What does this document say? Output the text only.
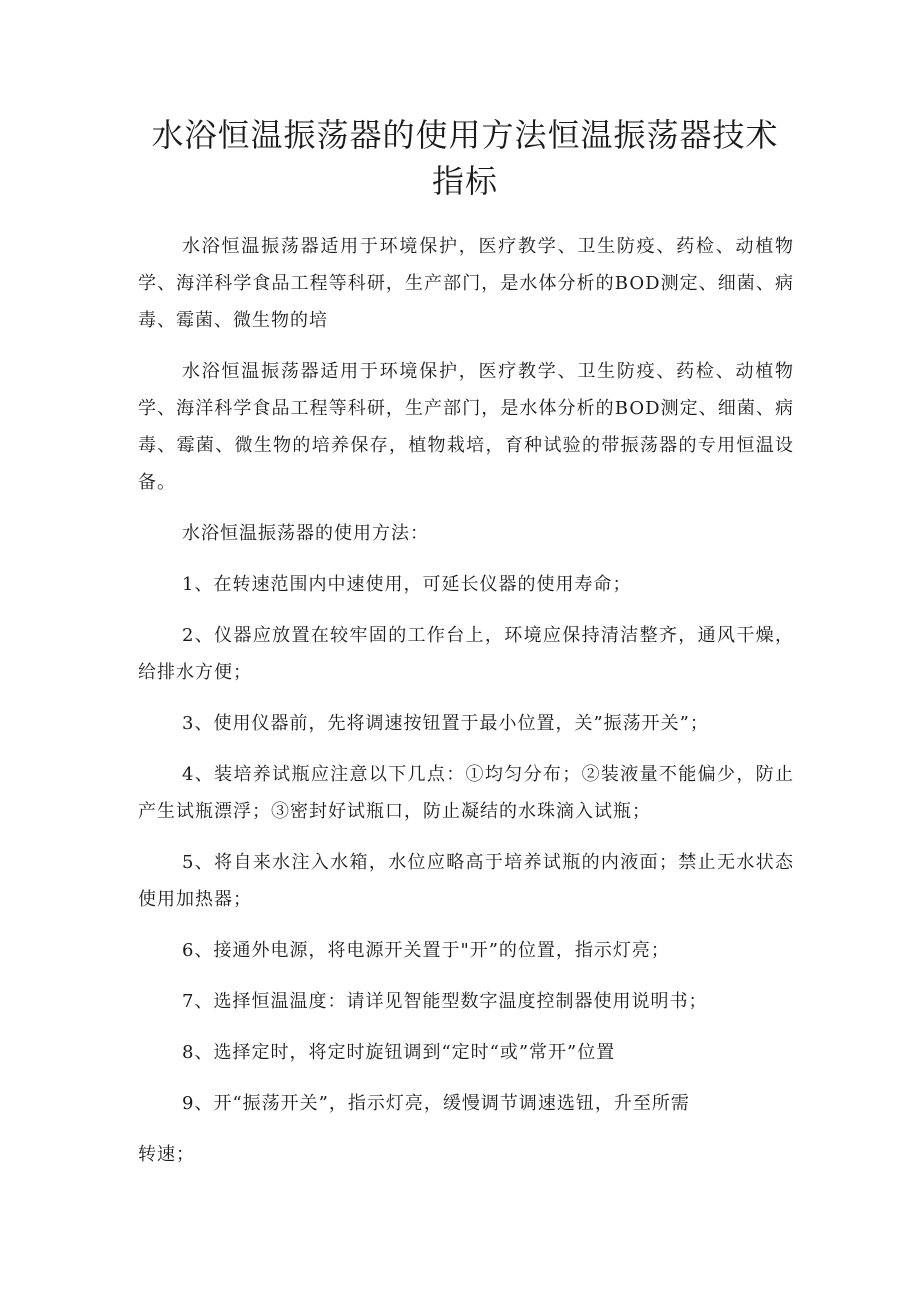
水浴恒温振荡器的使用方法恒温振荡器技术指标

水浴恒温振荡器适用于环境保护，医疗教学、卫生防疫、药检、动植物学、海洋科学食品工程等科研，生产部门，是水体分析的BOD测定、细菌、病毒、霉菌、微生物的培

水浴恒温振荡器适用于环境保护，医疗教学、卫生防疫、药检、动植物学、海洋科学食品工程等科研，生产部门，是水体分析的BOD测定、细菌、病毒、霉菌、微生物的培养保存，植物栽培，育种试验的带振荡器的专用恒温设备。

水浴恒温振荡器的使用方法：

1、在转速范围内中速使用，可延长仪器的使用寿命；

2、仪器应放置在较牢固的工作台上，环境应保持清洁整齐，通风干燥，给排水方便；

3、使用仪器前，先将调速按钮置于最小位置，关”振荡开关”；

4、装培养试瓶应注意以下几点：①均匀分布；②装液量不能偏少，防止产生试瓶漂浮；③密封好试瓶口，防止凝结的水珠滴入试瓶；

5、将自来水注入水箱，水位应略高于培养试瓶的内液面；禁止无水状态使用加热器；

6、接通外电源，将电源开关置于"开”的位置，指示灯亮；

7、选择恒温温度：请详见智能型数字温度控制器使用说明书；

8、选择定时，将定时旋钮调到“定时“或”常开”位置

9、开“振荡开关”，指示灯亮，缓慢调节调速选钮，升至所需

转速；
